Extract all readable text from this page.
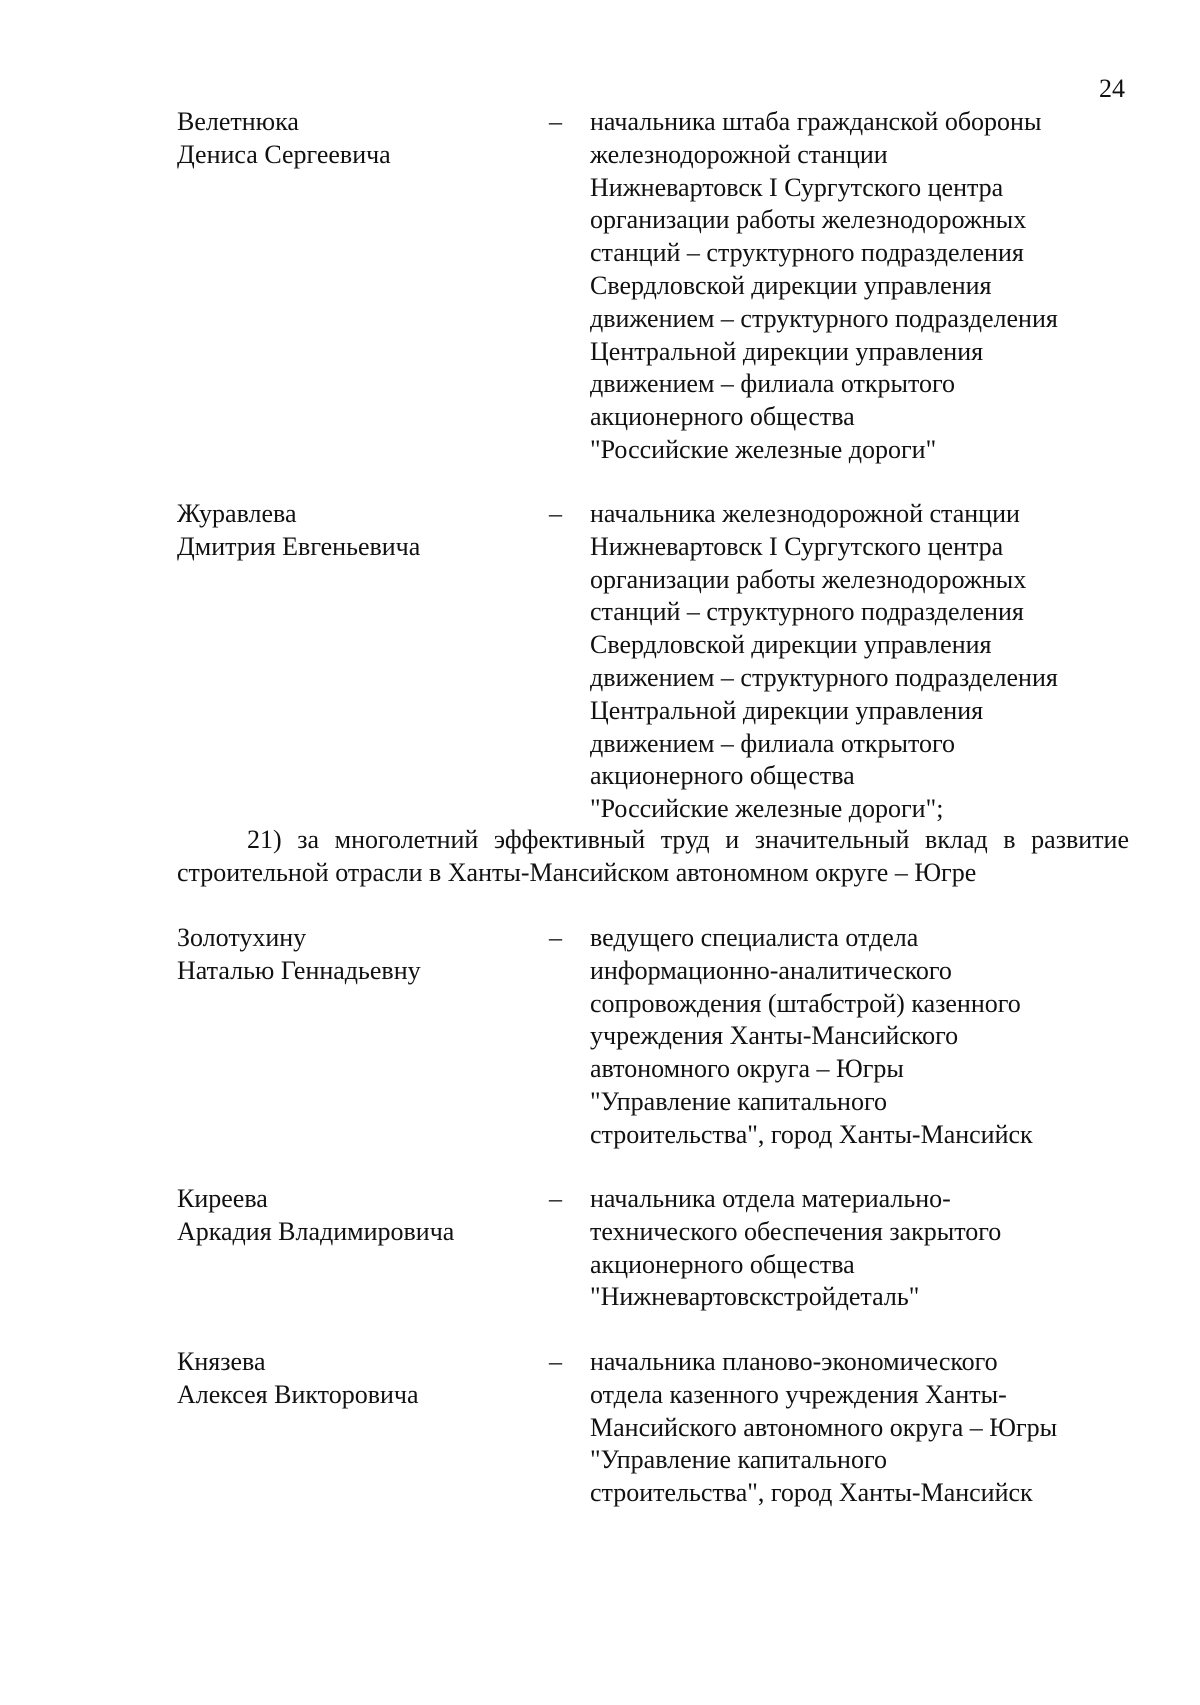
24
Велетнюка
Дениса Сергеевича
– начальника штаба гражданской обороны
железнодорожной станции
Нижневартовск I Сургутского центра
организации работы железнодорожных
станций – структурного подразделения
Свердловской дирекции управления
движением – структурного подразделения
Центральной дирекции управления
движением – филиала открытого
акционерного общества
"Российские железные дороги"
Журавлева
Дмитрия Евгеньевича
– начальника железнодорожной станции
Нижневартовск I Сургутского центра
организации работы железнодорожных
станций – структурного подразделения
Свердловской дирекции управления
движением – структурного подразделения
Центральной дирекции управления
движением – филиала открытого
акционерного общества
"Российские железные дороги";
21) за многолетний эффективный труд и значительный вклад в развитие
строительной отрасли в Ханты-Мансийском автономном округе – Югре
Золотухину
Наталью Геннадьевну
– ведущего специалиста отдела
информационно-аналитического
сопровождения (штабстрой) казенного
учреждения Ханты-Мансийского
автономного округа – Югры
"Управление капитального
строительства", город Ханты-Мансийск
Киреева
Аркадия Владимировича
– начальника отдела материально-
технического обеспечения закрытого
акционерного общества
"Нижневартовскстройдеталь"
Князева
Алексея Викторовича
– начальника планово-экономического
отдела казенного учреждения Ханты-
Мансийского автономного округа – Югры
"Управление капитального
строительства", город Ханты-Мансийск
